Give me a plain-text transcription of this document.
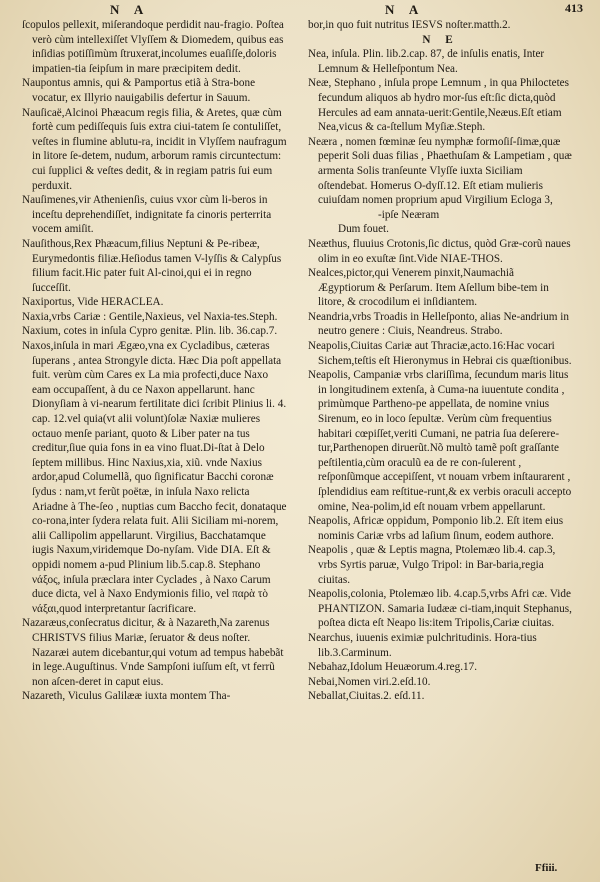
N A	N A	413

ſcopulos pellexit, miſerandoque perdidit nau-fragio. Poſtea verò cùm intellexiſſet Vlyſſem & Diomedem, quibus eas inſidias potiſſimùm ſtruxerat,incolumes euaſiſſe,doloris impatien-tia ſeipſum in mare præcipitem dedit.

Naupontus amnis, qui & Pamportus etiã à Stra-bone vocatur, ex Illyrio nauigabilis defertur in Sauum.

Nauſicaë,Alcinoi Phæacum regis filia, & Aretes, quæ cùm fortè cum pediſſequis ſuis extra ciui-tatem ſe contuliſſet, veſtes in flumine ablutu-ra, incidit in Vlyſſem naufragum in litore ſe-detem, nudum, arborum ramis circuntectum: cui ſupplici & veſtes dedit, & in regiam patris ſui eum perduxit.

Nauſimenes,vir Athenienſis, cuius vxor cùm li-beros in inceſtu deprehendiſſet, indignitate fa cinoris perterrita vocem amiſit.

Nauſithous,Rex Phæacum,filius Neptuni & Pe-ribeæ, Eurymedontis filiæ.Heſiodus tamen V-lyſſis & Calypſus filium facit.Hic pater fuit Al-cinoi,qui ei in regno ſucceſſit.

Naxiportus, Vide HERACLEA.

Naxia,vrbs Cariæ : Gentile,Naxieus, vel Naxia-tes.Steph.

Naxium, cotes in inſula Cypro genitæ. Plin. lib. 36.cap.7.

Naxos,inſula in mari Ægæo,vna ex Cycladibus, cæteras ſuperans , antea Strongyle dicta. Hæc Dia poſt appellata fuit. verùm cùm Cares ex La mia profecti,duce Naxo eam occupaſſent, à du ce Naxon appellarunt. hanc Dionyſiam à vi-nearum fertilitate dici ſcribit Plinius li. 4. cap. 12.vel quia(vt alii volunt)ſolæ Naxiæ mulieres octauo menſe pariant, quoto & Liber pater na tus creditur,ſiue quia fons in ea vino fluat.Di-ſtat à Delo ſeptem millibus. Hinc Naxius,xia, xiũ. vnde Naxius ardor,apud Columellã, quo ſignificatur Bacchi coronæ ſydus : nam,vt ferũt poëtæ, in inſula Naxo relicta Ariadne à The-ſeo , nuptias cum Baccho fecit, donataque co-rona,inter ſydera relata fuit. Alii Siciliam mi-norem, alii Callipolim appellarunt. Virgilius, Bacchatamque iugis Naxum,viridemque Do-nyſam. Vide DIA. Eſt & oppidi nomem a-pud Plinium lib.5.cap.8. Stephano νάξος, inſula præclara inter Cyclades , à Naxo Carum duce dicta, vel à Naxo Endymionis filio, vel παρὰ τὸ νάξαι,quod interpretantur ſacrificare.

Nazaræus,conſecratus dicitur, & à Nazareth,Na zarenus CHRISTVS filius Mariæ, ſeruator & deus noſter. Nazaræi autem dicebantur,qui votum ad tempus habebãt in lege.Auguſtinus. Vnde Sampſoni iuſſum eſt, vt ferrũ non aſcen-deret in caput eius.

Nazareth, Viculus Galilææ iuxta montem Tha-

bor,in quo fuit nutritus IESVS noſter.matth.2.

N E

Nea, inſula. Plin. lib.2.cap. 87, de inſulis enatis, Inter Lemnum & Helleſpontum Nea.

Neæ, Stephano , inſula prope Lemnum , in qua Philoctetes fecundum aliquos ab hydro mor-ſus eſt:ſic dicta,quòd Hercules ad eam annata-uerit:Gentile,Neæus.Eſt etiam Nea,vicus & ca-ſtellum Myſiæ.Steph.

Neæra , nomen fœminæ ſeu nymphæ formoſiſ-ſimæ,quæ peperit Soli duas filias , Phaethuſam & Lampetiam , quæ armenta Solis tranſeunte Vlyſſe iuxta Siciliam oſtendebat. Homerus O-dyſſ.12. Eſt etiam mulieris cuiuſdam nomen proprium apud Virgilium Ecloga 3,

-ipſe Neæram

Dum fouet.

Neæthus, fluuius Crotonis,ſic dictus, quòd Græ-corũ naues olim in eo exuſtæ ſint.Vide NIAE-THOS.

Nealces,pictor,qui Venerem pinxit,Naumachiã Ægyptiorum & Perſarum. Item Aſellum bibe-tem in litore, & crocodilum ei inſidiantem.

Neandria,vrbs Troadis in Helleſponto, alias Ne-andrium in neutro genere : Ciuis, Neandreus. Strabo.

Neapolis,Ciuitas Cariæ aut Thraciæ,acto.16:Hac vocari Sichem,teſtis eſt Hieronymus in Hebrai cis quæſtionibus.

Neapolis, Campaniæ vrbs clariſſima, ſecundum maris litus in longitudinem extenſa, à Cuma-na iuuentute condita , primùmque Partheno-pe appellata, de nomine vnius Sirenum, eo in loco ſepultæ. Verùm cùm frequentius habitari cœpiſſet,veriti Cumani, ne patria ſua deſerere-tur,Parthenopen diruerũt.Nõ multò tamẽ poſt graſſante peſtilentia,cùm oraculũ ea de re con-ſulerent , reſponſũmque accepiſſent, vt nouam vrbem inſtaurarent , ſplendidius eam reſtitue-runt,& ex verbis oraculi accepto omine, Nea-polim,id eſt nouam vrbem appellarunt.

Neapolis, Africæ oppidum, Pomponio lib.2. Eſt item eius nominis Cariæ vrbs ad laſium ſinum, eodem authore.

Neapolis , quæ & Leptis magna, Ptolemæo lib.4. cap.3, vrbs Syrtis paruæ, Vulgo Tripol: in Bar-baria,regia ciuitas.

Neapolis,colonia, Ptolemæo lib. 4.cap.5,vrbs Afri cæ. Vide PHANTIZON. Samaria Iudææ ci-tiam,inquit Stephanus, poſtea dicta eſt Neapo lis:item Tripolis,Cariæ ciuitas.

Nearchus, iuuenis eximiæ pulchritudinis. Hora-tius lib.3.Carminum.

Nebahaz,Idolum Heuæorum.4.reg.17.

Nebai,Nomen viri.2.eſd.10.

Neballat,Ciuitas.2. eſd.11.

Ffiii.
